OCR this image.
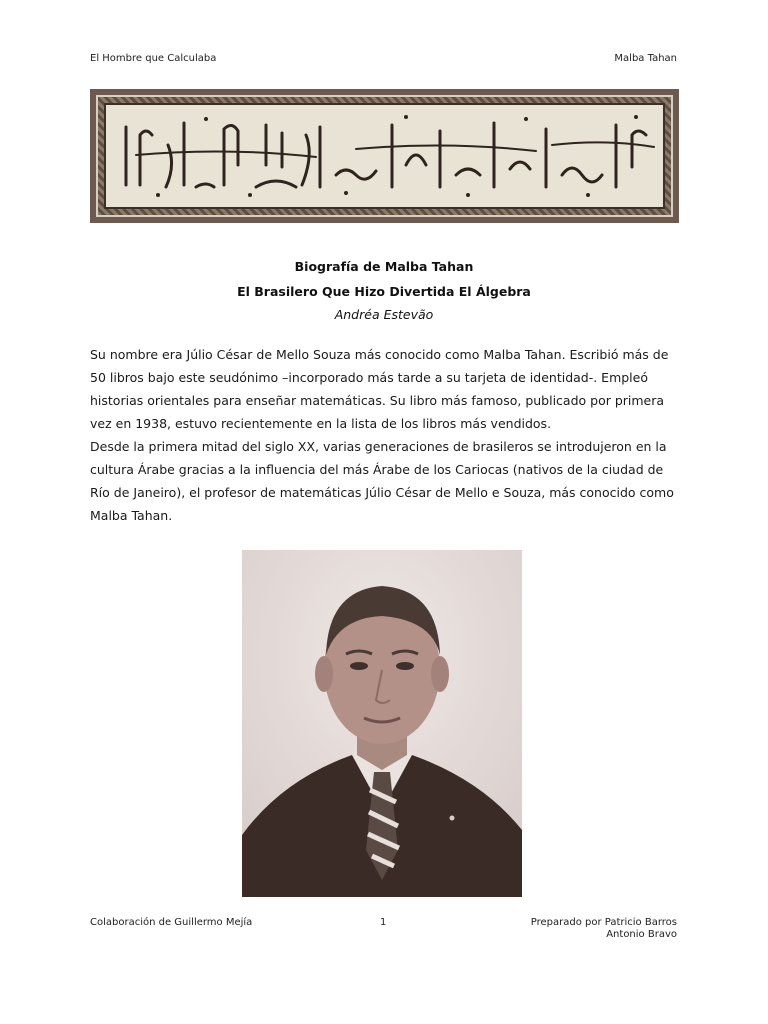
El Hombre que Calculaba	Malba Tahan
Biografía de Malba Tahan
El Brasilero Que Hizo Divertida El Álgebra
Andréa Estevão

Su nombre era Júlio César de Mello Souza más conocido como Malba Tahan. Escribió más de 50 libros bajo este seudónimo –incorporado más tarde a su tarjeta de identidad-. Empleó historias orientales para enseñar matemáticas. Su libro más famoso, publicado por primera vez en 1938, estuvo recientemente en la lista de los libros más vendidos.

Desde la primera mitad del siglo XX, varias generaciones de brasileros se introdujeron en la cultura Árabe gracias a la influencia del más Árabe de los Cariocas (nativos de la ciudad de Río de Janeiro), el profesor de matemáticas Júlio César de Mello e Souza, más conocido como Malba Tahan.

Colaboración de Guillermo Mejía	1	Preparado por Patricio Barros
Antonio Bravo
